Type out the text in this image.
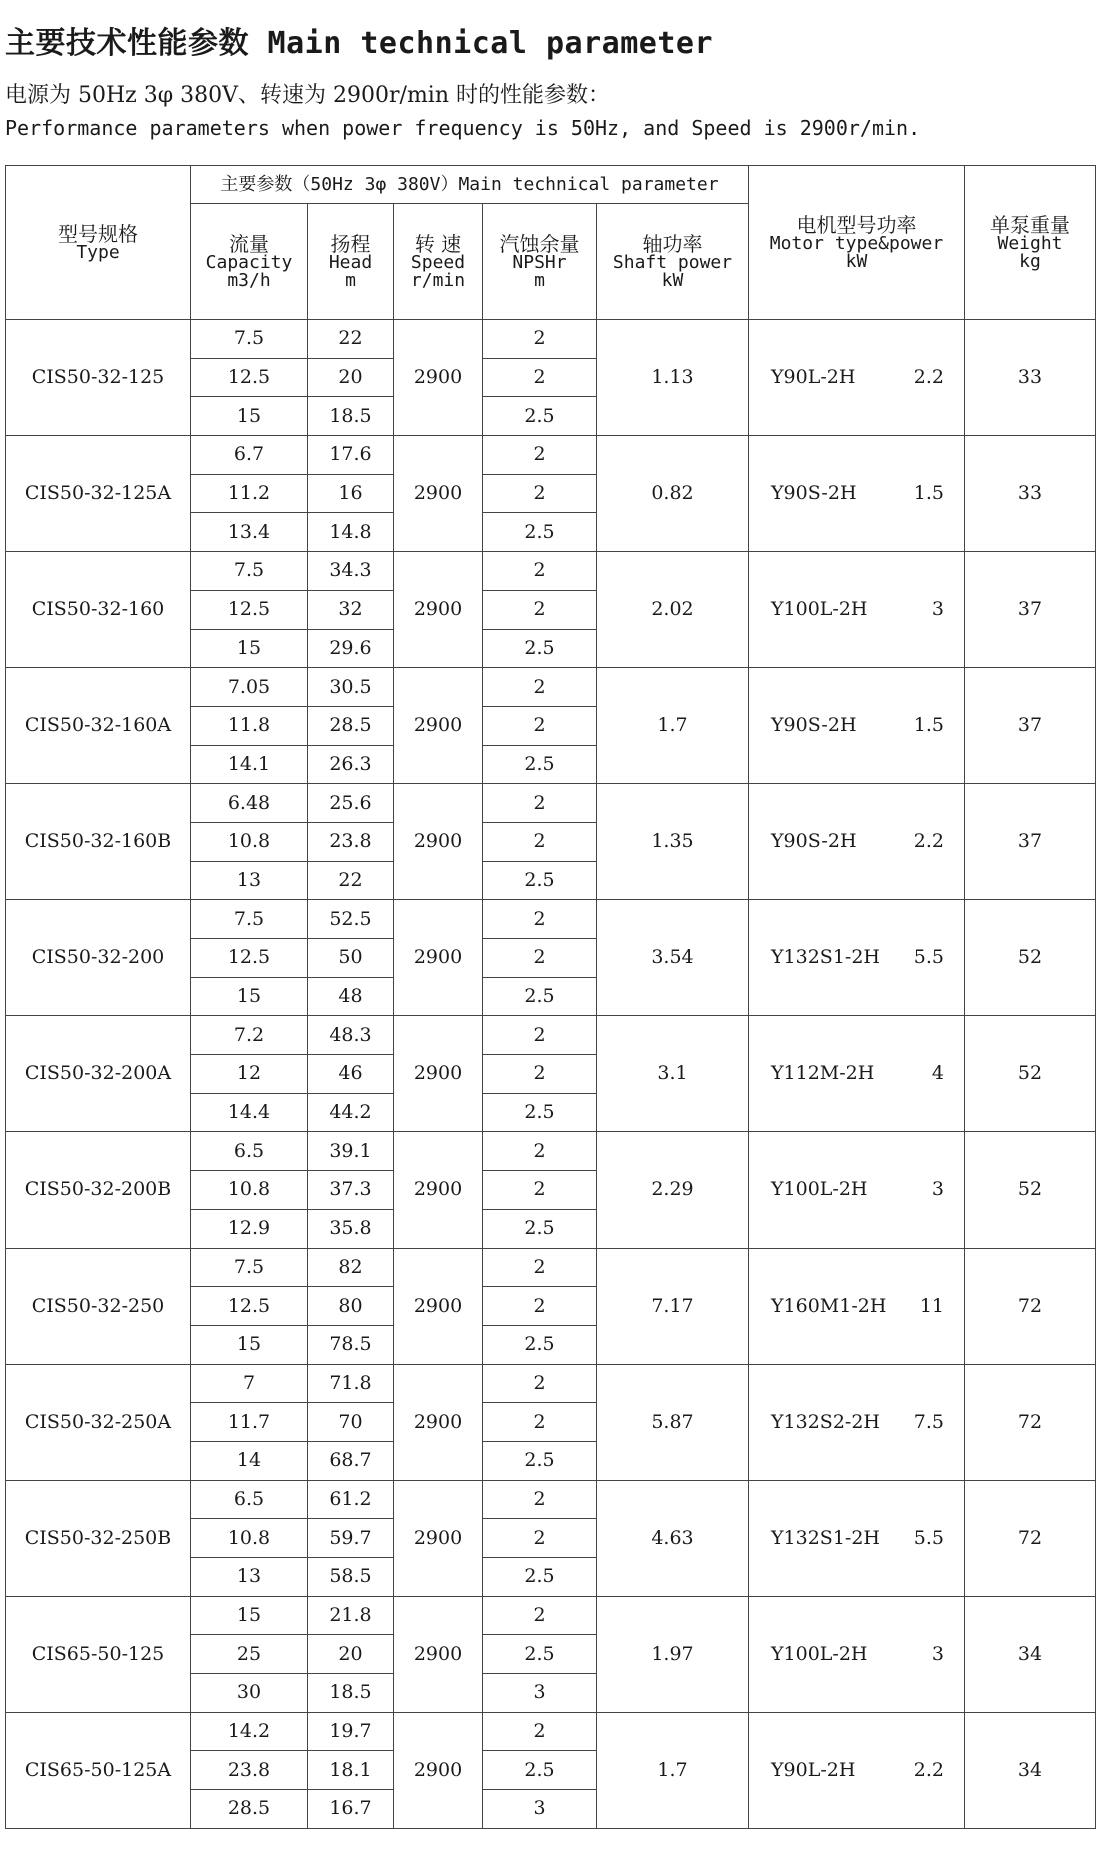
主要技术性能参数 Main technical parameter
电源为 50Hz 3φ 380V、转速为 2900r/min 时的性能参数：
Performance parameters when power frequency is 50Hz, and Speed is 2900r/min.
型号规格
Type	主要参数（50Hz 3φ 380V）Main technical parameter					电机型号功率
Motor type&power
kW	单泵重量
Weight
kg

	流量
Capacity
m3/h	扬程
Head
m	转 速
Speed
r/min	汽蚀余量
NPSHr
m	轴功率
Shaft power
kW		

CIS50-32-125	7.5	22	2900	2	1.13	Y90L-2H 2.2	33
	12.5	20		2			
	15	18.5		2.5			
CIS50-32-125A	6.7	17.6	2900	2	0.82	Y90S-2H 1.5	33
	11.2	16		2			
	13.4	14.8		2.5			
CIS50-32-160	7.5	34.3	2900	2	2.02	Y100L-2H 3	37
	12.5	32		2			
	15	29.6		2.5			
CIS50-32-160A	7.05	30.5	2900	2	1.7	Y90S-2H 1.5	37
	11.8	28.5		2			
	14.1	26.3		2.5			
CIS50-32-160B	6.48	25.6	2900	2	1.35	Y90S-2H 2.2	37
	10.8	23.8		2			
	13	22		2.5			
CIS50-32-200	7.5	52.5	2900	2	3.54	Y132S1-2H 5.5	52
	12.5	50		2			
	15	48		2.5			
CIS50-32-200A	7.2	48.3	2900	2	3.1	Y112M-2H 4	52
	12	46		2			
	14.4	44.2		2.5			
CIS50-32-200B	6.5	39.1	2900	2	2.29	Y100L-2H 3	52
	10.8	37.3		2			
	12.9	35.8		2.5			
CIS50-32-250	7.5	82	2900	2	7.17	Y160M1-2H 11	72
	12.5	80		2			
	15	78.5		2.5			
CIS50-32-250A	7	71.8	2900	2	5.87	Y132S2-2H 7.5	72
	11.7	70		2			
	14	68.7		2.5			
CIS50-32-250B	6.5	61.2	2900	2	4.63	Y132S1-2H 5.5	72
	10.8	59.7		2			
	13	58.5		2.5			
CIS65-50-125	15	21.8	2900	2	1.97	Y100L-2H 3	34
	25	20		2.5			
	30	18.5		3			
CIS65-50-125A	14.2	19.7	2900	2	1.7	Y90L-2H 2.2	34
	23.8	18.1		2.5			
	28.5	16.7		3			
